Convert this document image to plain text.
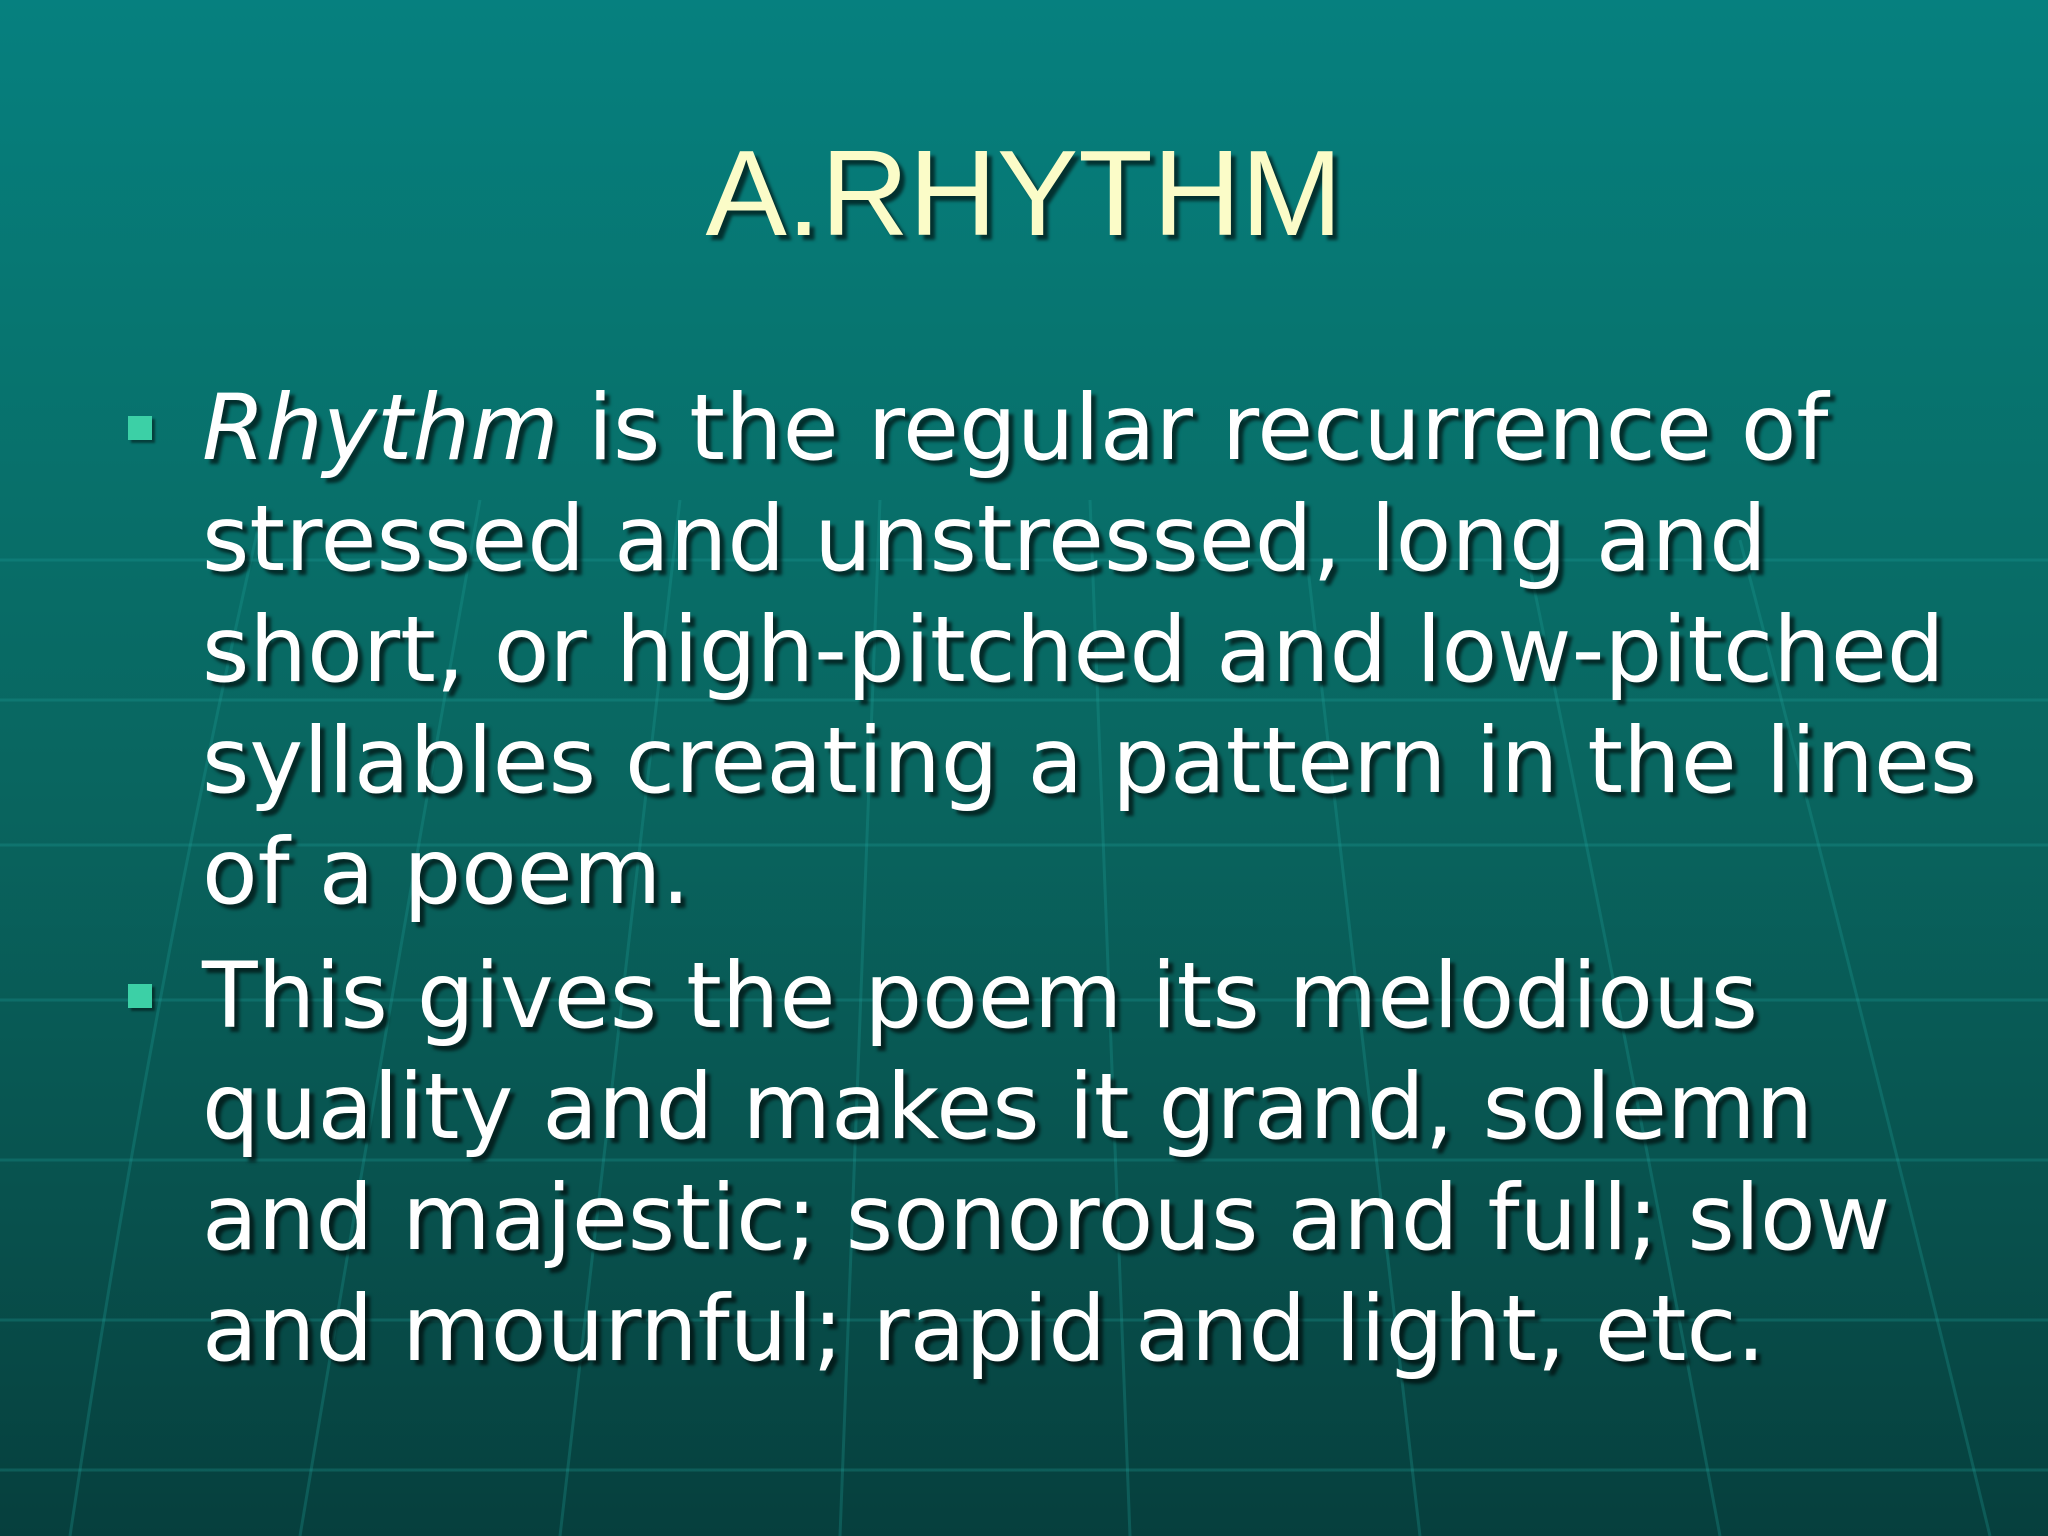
A.RHYTHM
Rhythm is the regular recurrence of stressed and unstressed, long and short, or high-pitched and low-pitched syllables creating a pattern in the lines of a poem.
This gives the poem its melodious quality and makes it grand, solemn and majestic; sonorous and full; slow and mournful; rapid and light, etc.
